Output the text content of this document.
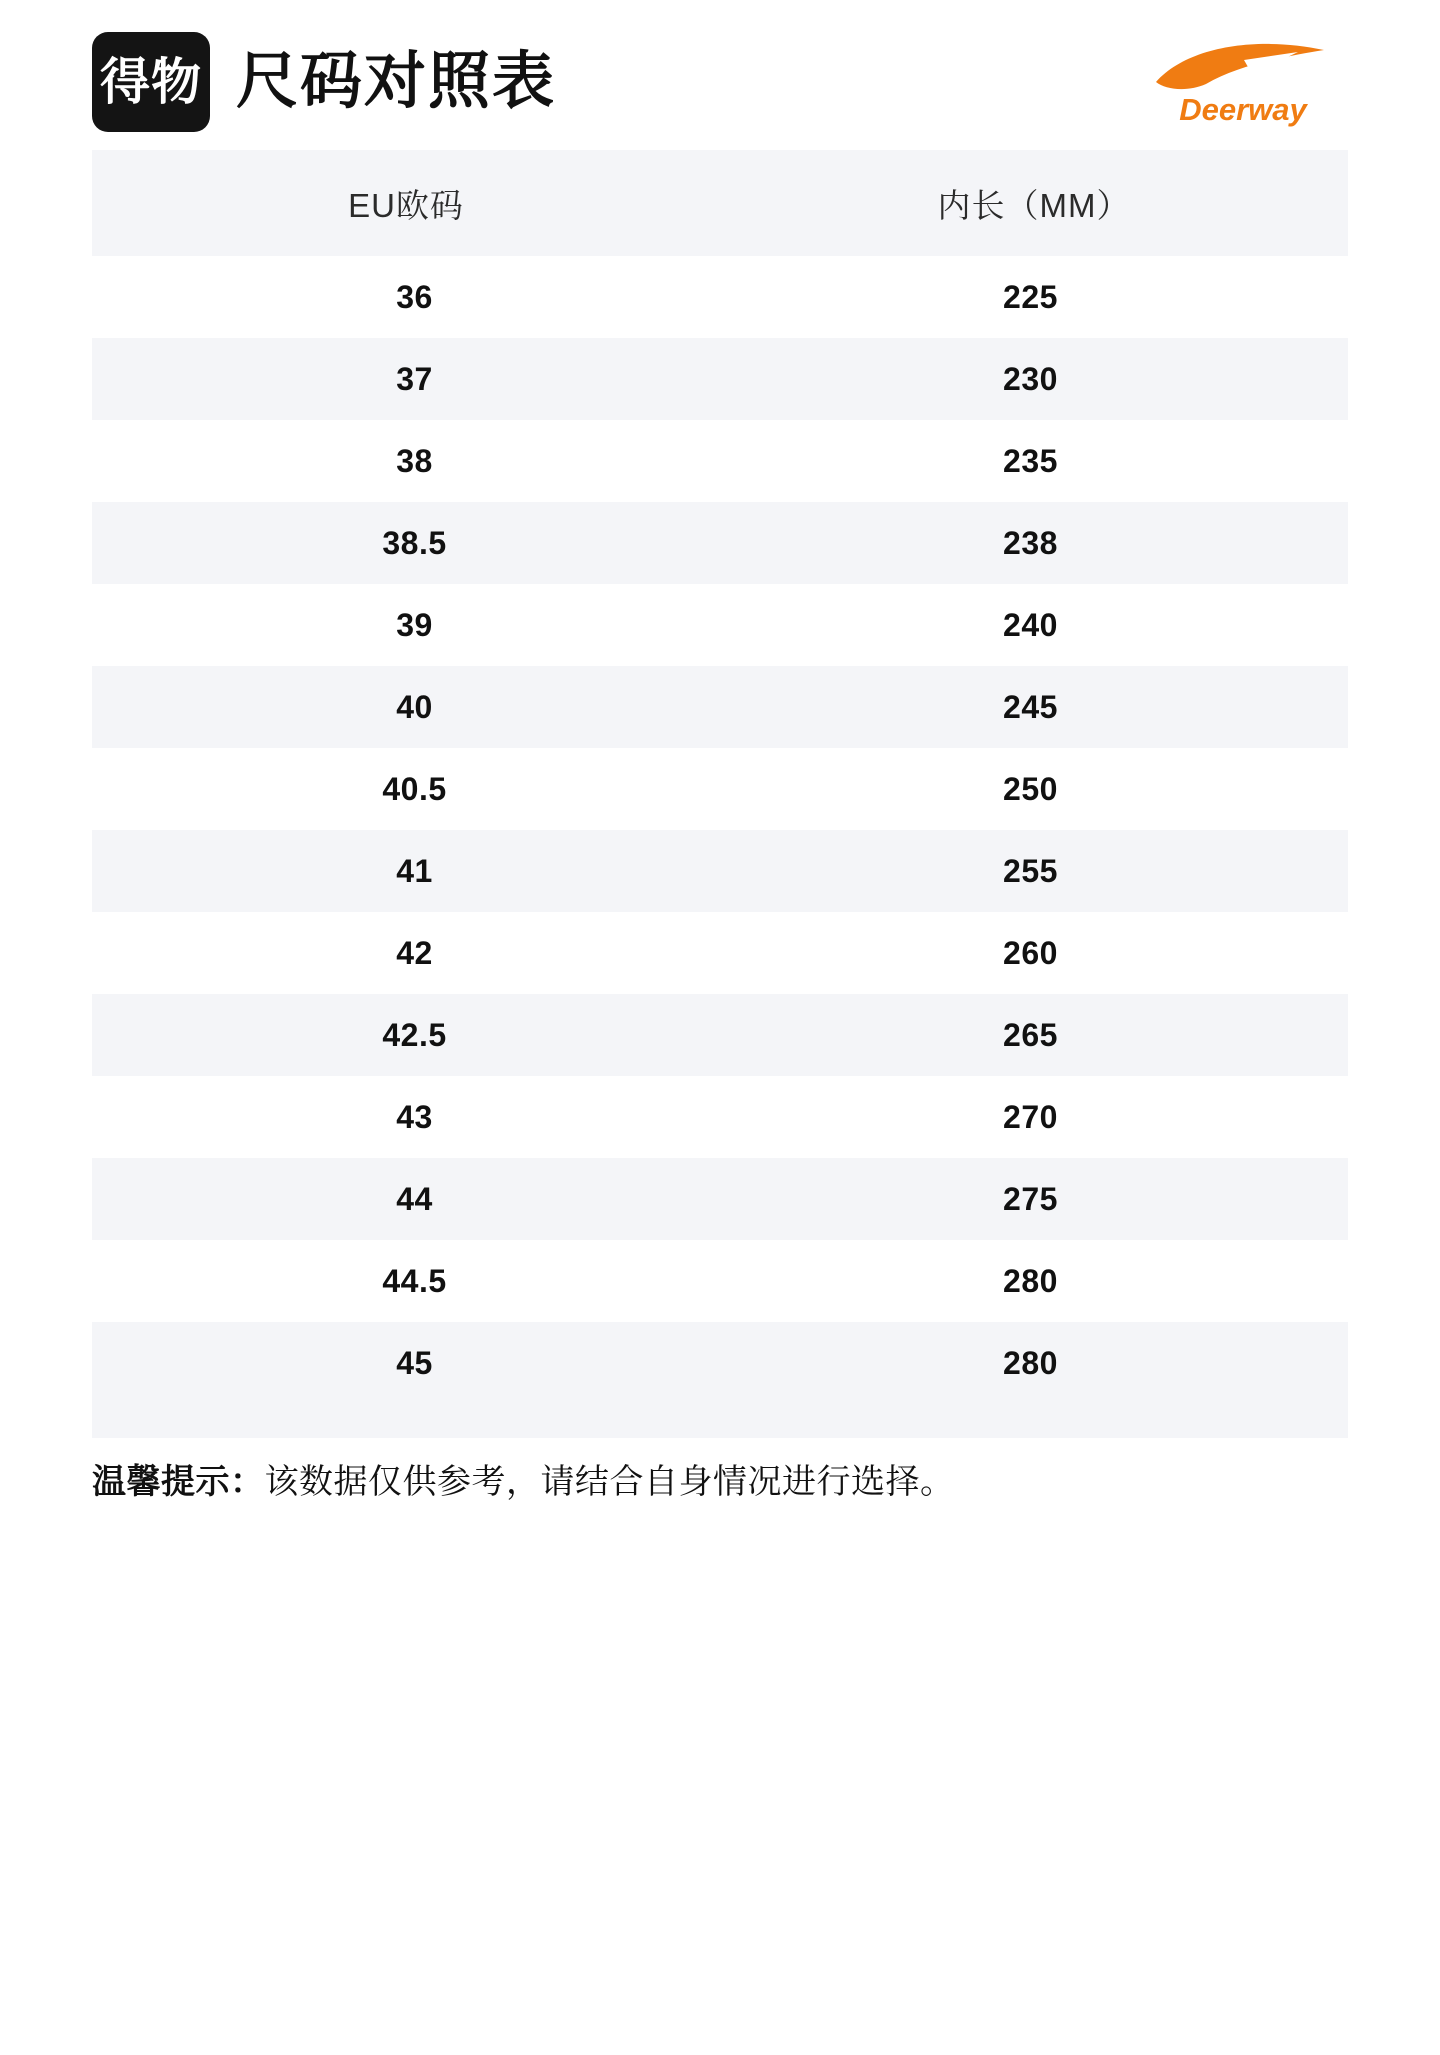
得物 尺码对照表	Deerway
EU欧码	内长（MM）
36	225
37	230
38	235
38.5	238
39	240
40	245
40.5	250
41	255
42	260
42.5	265
43	270
44	275
44.5	280
45	280
温馨提示：该数据仅供参考，请结合自身情况进行选择。
